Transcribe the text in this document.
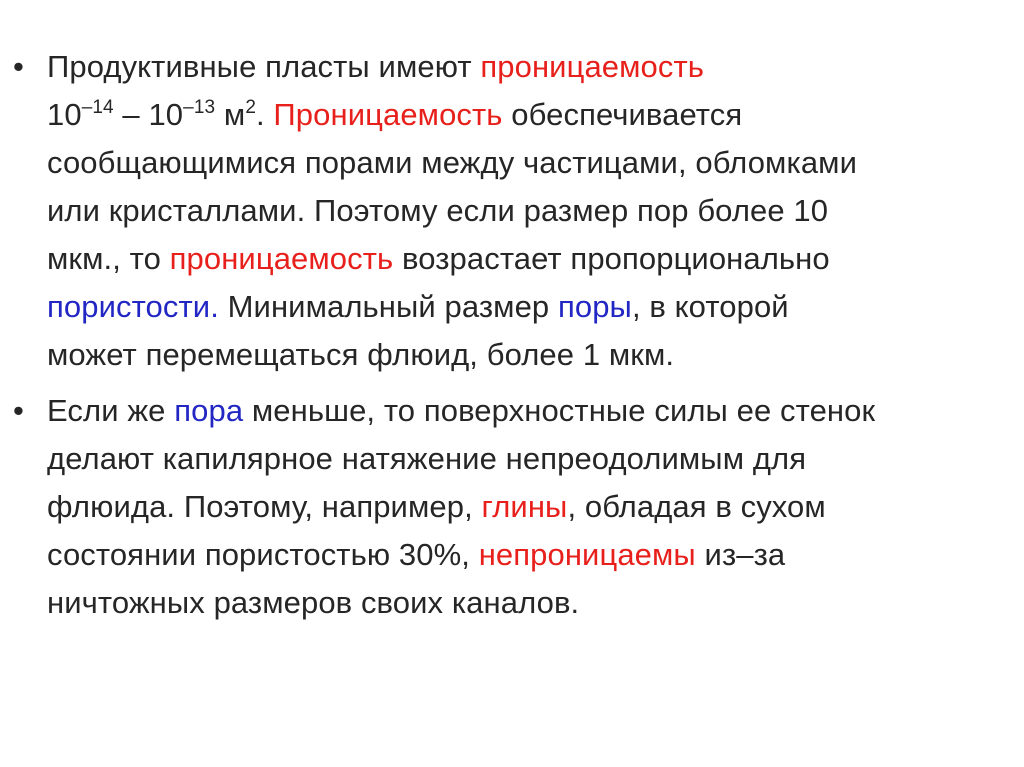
• Продуктивные пласты имеют проницаемость
$10^{-14} - 10^{-13}$ $м^2$. Проницаемость обеспечивается
сообщающимися порами между частицами, обломками
или кристаллами. Поэтому если размер пор более 10
мкм., то проницаемость возрастает пропорционально
пористости. Минимальный размер поры, в которой
может перемещаться флюид, более 1 мкм.
• Если же пора меньше, то поверхностные силы ее стенок
делают капилярное натяжение непреодолимым для
флюида. Поэтому, например, глины, обладая в сухом
состоянии пористостью 30%, непроницаемы из–за
ничтожных размеров своих каналов.
